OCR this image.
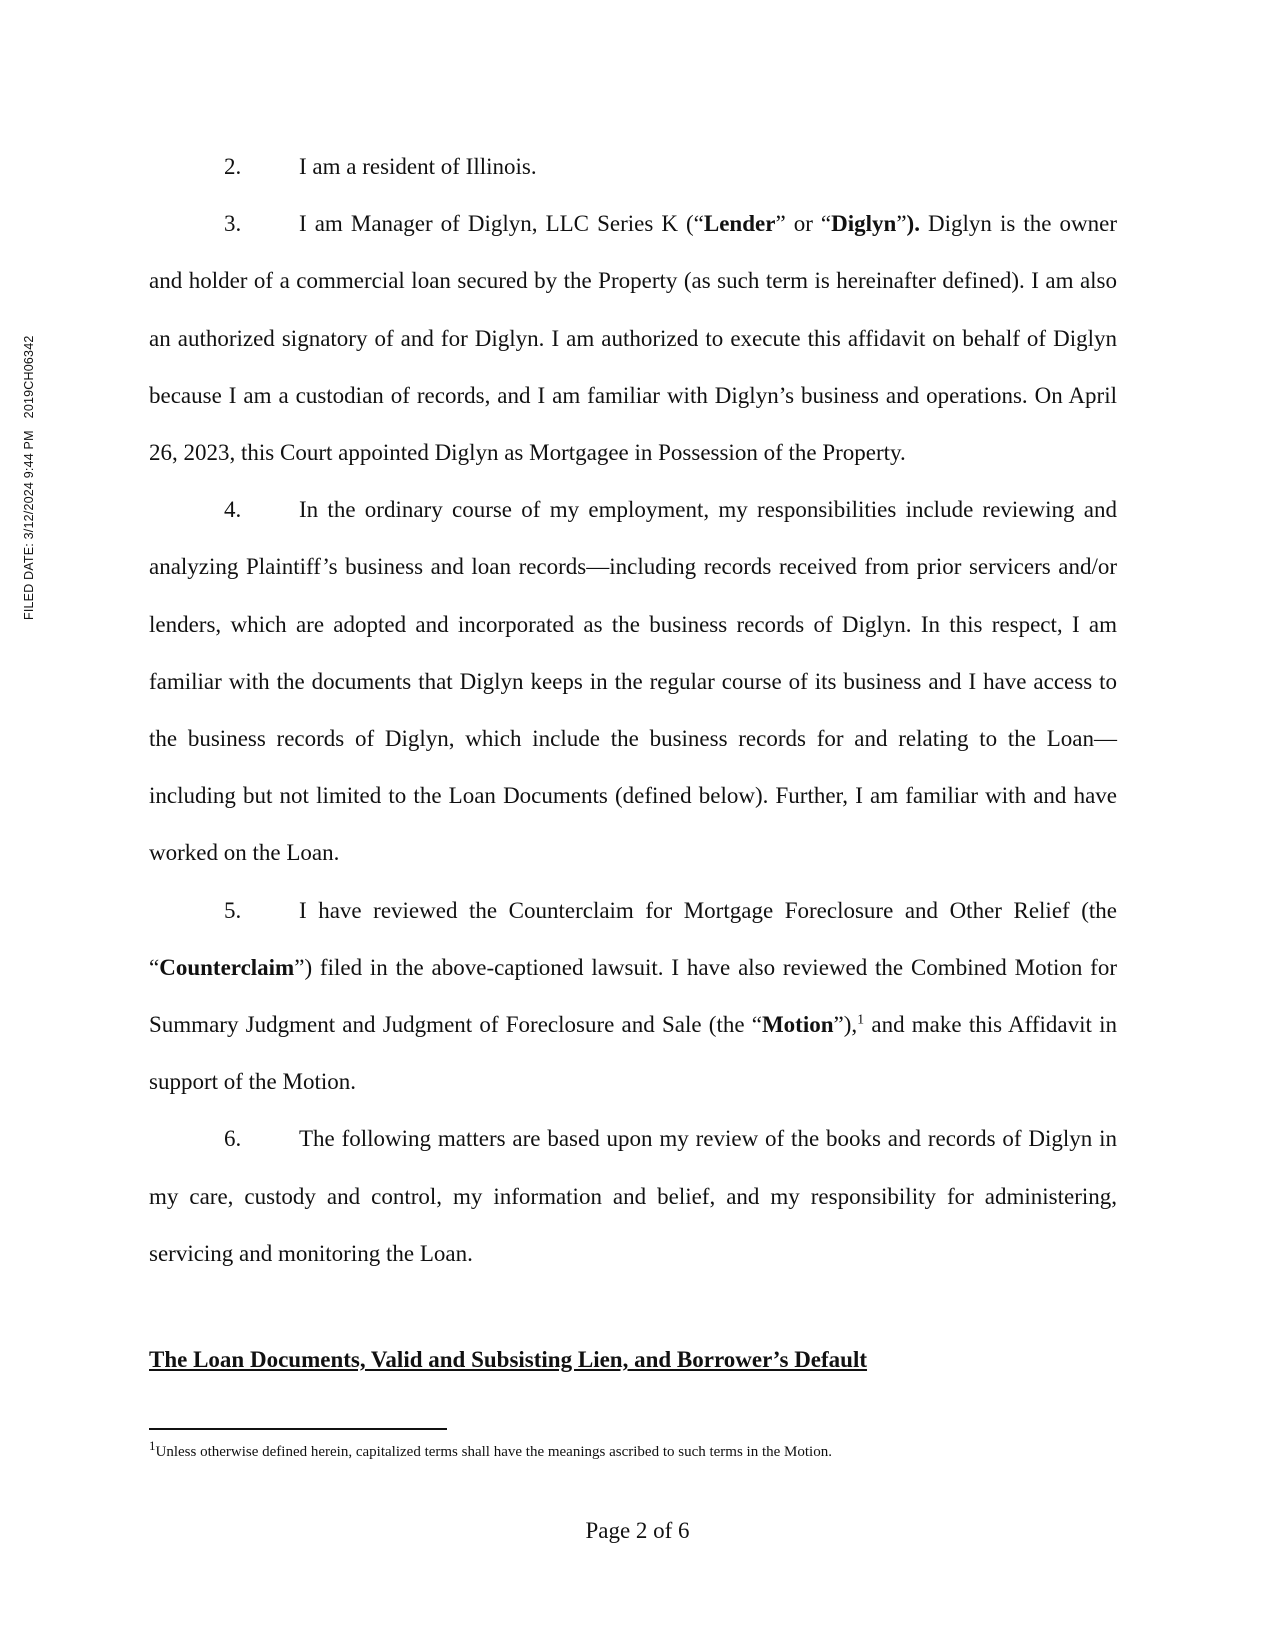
FILED DATE: 3/12/2024 9:44 PM2019CH06342

2.	I am a resident of Illinois.

3.	I am Manager of Diglyn, LLC Series K (“Lender” or “Diglyn”). Diglyn is the owner and holder of a commercial loan secured by the Property (as such term is hereinafter defined). I am also an authorized signatory of and for Diglyn. I am authorized to execute this affidavit on behalf of Diglyn because I am a custodian of records, and I am familiar with Diglyn’s business and operations. On April 26, 2023, this Court appointed Diglyn as Mortgagee in Possession of the Property.

4.	In the ordinary course of my employment, my responsibilities include reviewing and analyzing Plaintiff’s business and loan records—including records received from prior servicers and/or lenders, which are adopted and incorporated as the business records of Diglyn. In this respect, I am familiar with the documents that Diglyn keeps in the regular course of its business and I have access to the business records of Diglyn, which include the business records for and relating to the Loan—including but not limited to the Loan Documents (defined below). Further, I am familiar with and have worked on the Loan.

5.	I have reviewed the Counterclaim for Mortgage Foreclosure and Other Relief (the “Counterclaim”) filed in the above-captioned lawsuit. I have also reviewed the Combined Motion for Summary Judgment and Judgment of Foreclosure and Sale (the “Motion”),$^1$ and make this Affidavit in support of the Motion.

6.	The following matters are based upon my review of the books and records of Diglyn in my care, custody and control, my information and belief, and my responsibility for administering, servicing and monitoring the Loan.

The Loan Documents, Valid and Subsisting Lien, and Borrower’s Default
$^1$Unless otherwise defined herein, capitalized terms shall have the meanings ascribed to such terms in the Motion.
Page 2 of 6
